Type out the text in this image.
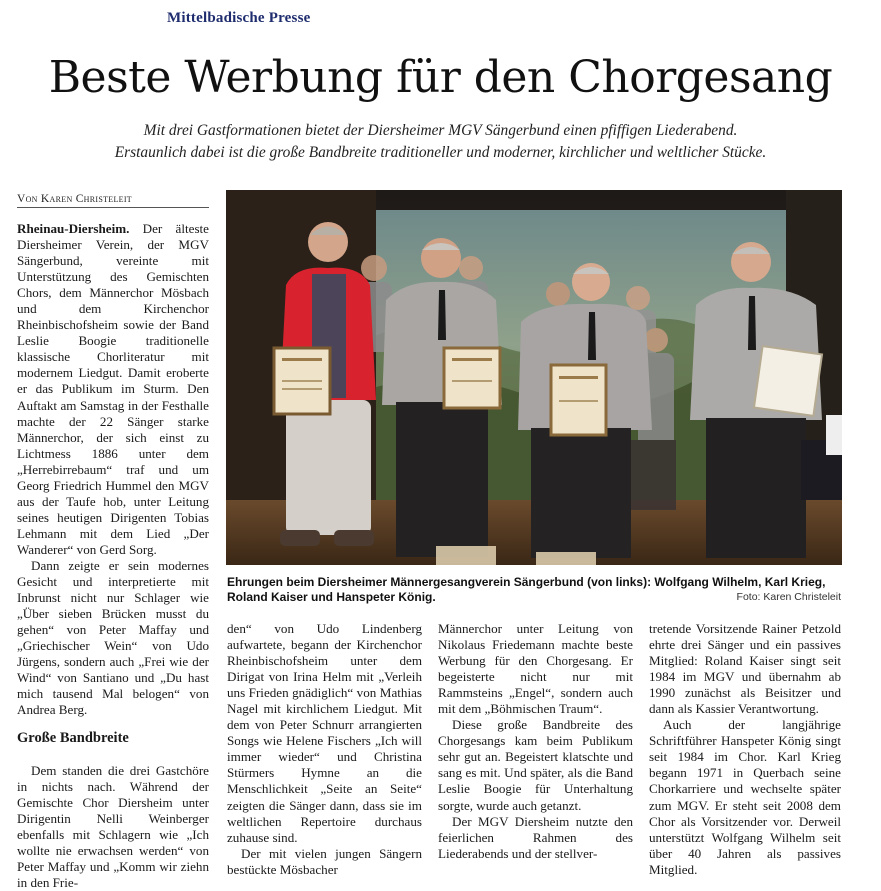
Mittelbadische Presse
Beste Werbung für den Chorgesang
Mit drei Gastformationen bietet der Diersheimer MGV Sängerbund einen pfiffigen Liederabend.
Erstaunlich dabei ist die große Bandbreite traditioneller und moderner, kirchlicher und weltlicher Stücke.
Von Karen Christeleit

Rheinau-Diersheim. Der älteste Diersheimer Verein, der MGV Sängerbund, vereinte mit Unterstützung des Gemischten Chors, dem Männerchor Mösbach und dem Kirchenchor Rheinbischofsheim sowie der Band Leslie Boogie traditionelle klassische Chorliteratur mit modernem Liedgut. Damit eroberte er das Publikum im Sturm. Den Auftakt am Samstag in der Festhalle machte der 22 Sänger starke Männerchor, der sich einst zu Lichtmess 1886 unter dem „Herrebirrebaum“ traf und um Georg Friedrich Hummel den MGV aus der Taufe hob, unter Leitung seines heutigen Dirigenten Tobias Lehmann mit dem Lied „Der Wanderer“ von Gerd Sorg.

Dann zeigte er sein modernes Gesicht und interpretierte mit Inbrunst nicht nur Schlager wie „Über sieben Brücken musst du gehen“ von Peter Maffay und „Griechischer Wein“ von Udo Jürgens, sondern auch „Frei wie der Wind“ von Santiano und „Du hast mich tausend Mal belogen“ von Andrea Berg.

Große Bandbreite

Dem standen die drei Gastchöre in nichts nach. Während der Gemischte Chor Diersheim unter Dirigentin Nelli Weinberger ebenfalls mit Schlagern wie „Ich wollte nie erwachsen werden“ von Peter Maffay und „Komm wir ziehn in den Frie-

Ehrungen beim Diersheimer Männergesangverein Sängerbund (von links): Wolfgang Wilhelm, Karl Krieg, Roland Kaiser und Hanspeter König.	Foto: Karen Christeleit

den“ von Udo Lindenberg aufwartete, begann der Kirchenchor Rheinbischofsheim unter dem Dirigat von Irina Helm mit „Verleih uns Frieden gnädiglich“ von Mathias Nagel mit kirchlichem Liedgut. Mit dem von Peter Schnurr arrangierten Songs wie Helene Fischers „Ich will immer wieder“ und Christina Stürmers Hymne an die Menschlichkeit „Seite an Seite“ zeigten die Sänger dann, dass sie im weltlichen Repertoire durchaus zuhause sind.

Der mit vielen jungen Sängern bestückte Mösbacher

Männerchor unter Leitung von Nikolaus Friedemann machte beste Werbung für den Chorgesang. Er begeisterte nicht nur mit Rammsteins „Engel“, sondern auch mit dem „Böhmischen Traum“.

Diese große Bandbreite des Chorgesangs kam beim Publikum sehr gut an. Begeistert klatschte und sang es mit. Und später, als die Band Leslie Boogie für Unterhaltung sorgte, wurde auch getanzt.

Der MGV Diersheim nutzte den feierlichen Rahmen des Liederabends und der stellver-

tretende Vorsitzende Rainer Petzold ehrte drei Sänger und ein passives Mitglied: Roland Kaiser singt seit 1984 im MGV und übernahm ab 1990 zunächst als Beisitzer und dann als Kassier Verantwortung.

Auch der langjährige Schriftführer Hanspeter König singt seit 1984 im Chor. Karl Krieg begann 1971 in Querbach seine Chorkarriere und wechselte später zum MGV. Er steht seit 2008 dem Chor als Vorsitzender vor. Derweil unterstützt Wolfgang Wilhelm seit über 40 Jahren als passives Mitglied.
